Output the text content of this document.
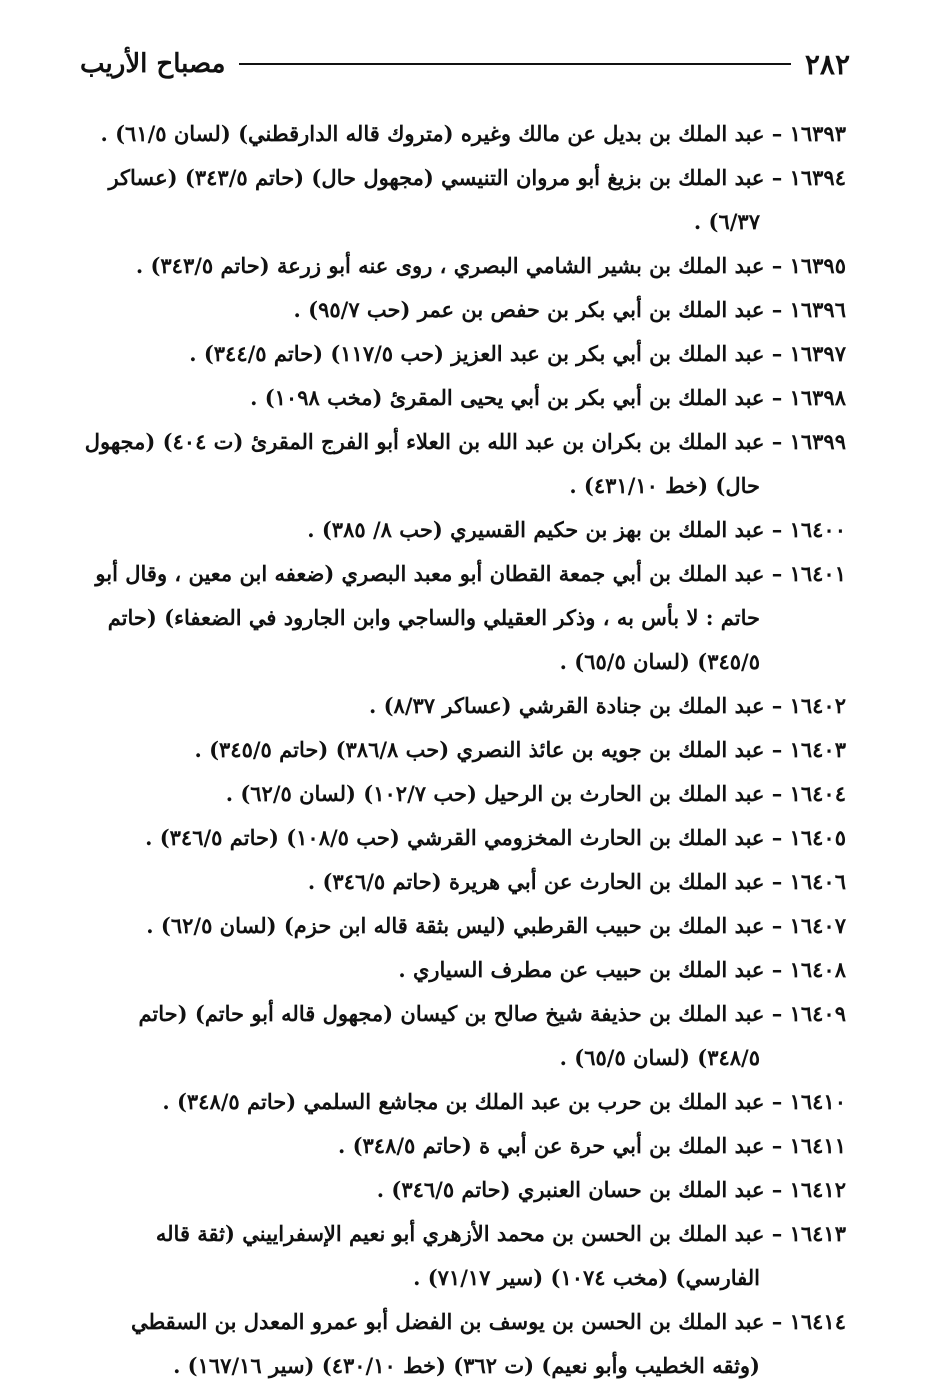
٢٨٢
مصباح الأريب

١٦٣٩٣ – عبد الملك بن بديل عن مالك وغيره (متروك قاله الدارقطني) (لسان ٦١/٥) .

١٦٣٩٤ – عبد الملك بن بزيغ أبو مروان التنيسي (مجهول حال) (حاتم ٣٤٣/٥) (عساكر ٦/٣٧) .

١٦٣٩٥ – عبد الملك بن بشير الشامي البصري ، روى عنه أبو زرعة (حاتم ٣٤٣/٥) .

١٦٣٩٦ – عبد الملك بن أبي بكر بن حفص بن عمر (حب ٩٥/٧) .

١٦٣٩٧ – عبد الملك بن أبي بكر بن عبد العزيز (حب ١١٧/٥) (حاتم ٣٤٤/٥) .

١٦٣٩٨ – عبد الملك بن أبي بكر بن أبي يحيى المقرئ (مخب ١٠٩٨) .

١٦٣٩٩ – عبد الملك بن بكران بن عبد الله بن العلاء أبو الفرج المقرئ (ت ٤٠٤) (مجهول حال) (خط ٤٣١/١٠) .

١٦٤٠٠ – عبد الملك بن بهز بن حكيم القسيري (حب ٨/ ٣٨٥) .

١٦٤٠١ – عبد الملك بن أبي جمعة القطان أبو معبد البصري (ضعفه ابن معين ، وقال أبو حاتم : لا بأس به ، وذكر العقيلي والساجي وابن الجارود في الضعفاء) (حاتم ٣٤٥/٥) (لسان ٦٥/٥) .

١٦٤٠٢ – عبد الملك بن جنادة القرشي (عساكر ٨/٣٧) .

١٦٤٠٣ – عبد الملك بن جويه بن عائذ النصري (حب ٣٨٦/٨) (حاتم ٣٤٥/٥) .

١٦٤٠٤ – عبد الملك بن الحارث بن الرحيل (حب ١٠٢/٧) (لسان ٦٢/٥) .

١٦٤٠٥ – عبد الملك بن الحارث المخزومي القرشي (حب ١٠٨/٥) (حاتم ٣٤٦/٥) .

١٦٤٠٦ – عبد الملك بن الحارث عن أبي هريرة (حاتم ٣٤٦/٥) .

١٦٤٠٧ – عبد الملك بن حبيب القرطبي (ليس بثقة قاله ابن حزم) (لسان ٦٢/٥) .

١٦٤٠٨ – عبد الملك بن حبيب عن مطرف السياري .

١٦٤٠٩ – عبد الملك بن حذيفة شيخ صالح بن كيسان (مجهول قاله أبو حاتم) (حاتم ٣٤٨/٥) (لسان ٦٥/٥) .

١٦٤١٠ – عبد الملك بن حرب بن عبد الملك بن مجاشع السلمي (حاتم ٣٤٨/٥) .

١٦٤١١ – عبد الملك بن أبي حرة عن أبي ة (حاتم ٣٤٨/٥) .

١٦٤١٢ – عبد الملك بن حسان العنبري (حاتم ٣٤٦/٥) .

١٦٤١٣ – عبد الملك بن الحسن بن محمد الأزهري أبو نعيم الإسفراييني (ثقة قاله الفارسي) (مخب ١٠٧٤) (سير ٧١/١٧) .

١٦٤١٤ – عبد الملك بن الحسن بن يوسف بن الفضل أبو عمرو المعدل بن السقطي (وثقه الخطيب وأبو نعيم) (ت ٣٦٢) (خط ٤٣٠/١٠) (سير ١٦٧/١٦) .
